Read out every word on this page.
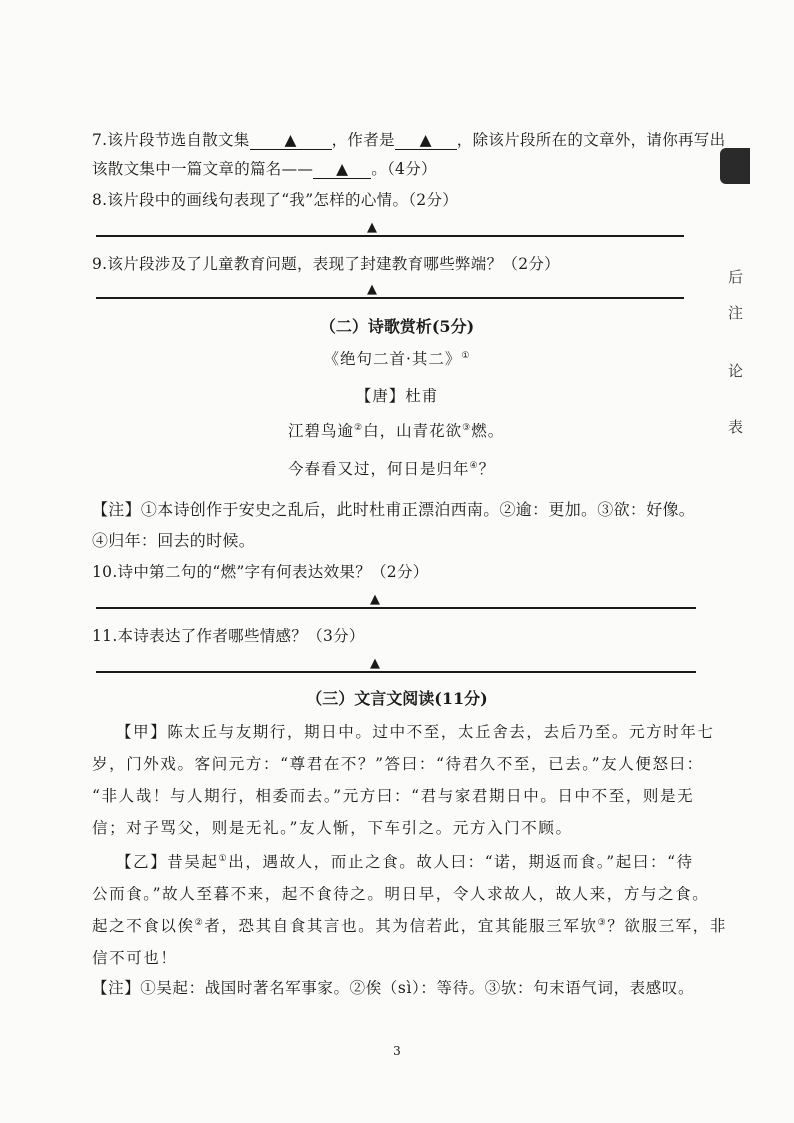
后
注
论
表
7.该片段节选自散文集 ▲ ，作者是 ▲ ，除该片段所在的文章外，请你再写出
该散文集中一篇文章的篇名—— ▲ 。（4分）
8.该片段中的画线句表现了“我”怎样的心情。（2分）
▲
9.该片段涉及了儿童教育问题，表现了封建教育哪些弊端？（2分）
▲
（二）诗歌赏析(5分)
《绝句二首·其二》①
【唐】杜甫
江碧鸟逾②白，山青花欲③燃。
今春看又过，何日是归年④？
【注】①本诗创作于安史之乱后，此时杜甫正漂泊西南。②逾：更加。③欲：好像。
④归年：回去的时候。
10.诗中第二句的“燃”字有何表达效果？（2分）
▲
11.本诗表达了作者哪些情感？（3分）
▲
（三）文言文阅读(11分)
【甲】陈太丘与友期行，期日中。过中不至，太丘舍去，去后乃至。元方时年七
岁，门外戏。客问元方：“尊君在不？”答曰：“待君久不至，已去。”友人便怒曰：
“非人哉！与人期行，相委而去。”元方曰：“君与家君期日中。日中不至，则是无
信；对子骂父，则是无礼。”友人惭，下车引之。元方入门不顾。
【乙】昔吴起①出，遇故人，而止之食。故人曰：“诺，期返而食。”起曰：“待
公而食。”故人至暮不来，起不食待之。明日早，令人求故人，故人来，方与之食。
起之不食以俟②者，恐其自食其言也。其为信若此，宜其能服三军欤③？欲服三军，非
信不可也！
【注】①吴起：战国时著名军事家。②俟（sì）：等待。③欤：句末语气词，表感叹。
3
